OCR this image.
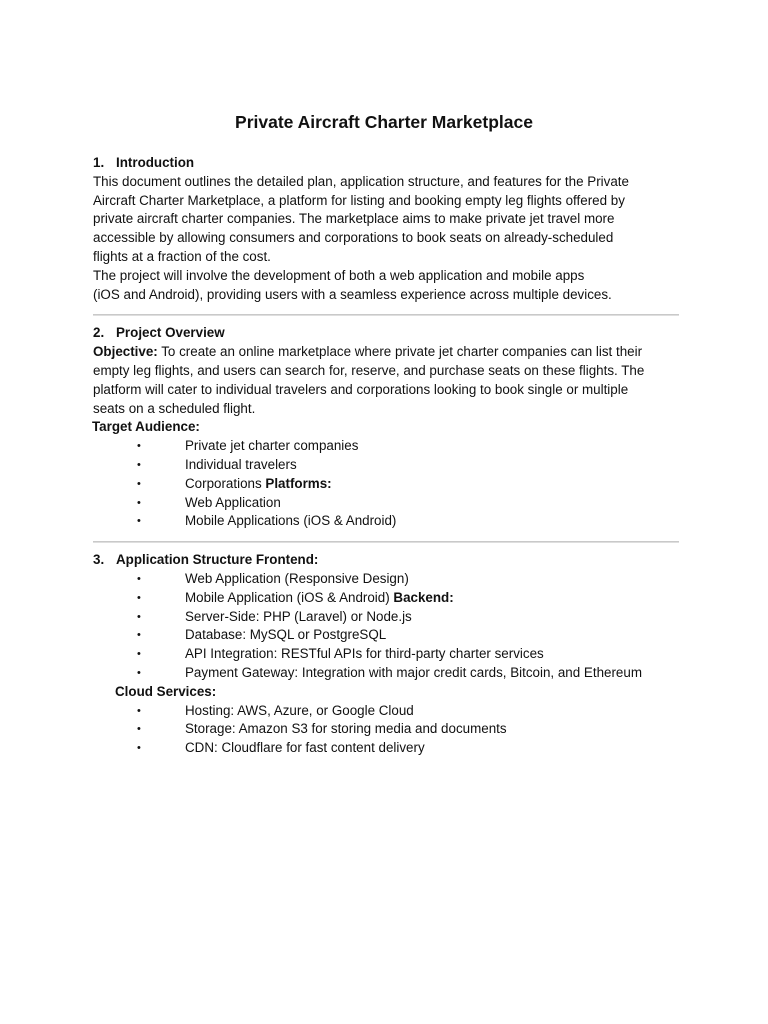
Private Aircraft Charter Marketplace
1. Introduction

This document outlines the detailed plan, application structure, and features for the Private

Aircraft Charter Marketplace, a platform for listing and booking empty leg flights offered by

private aircraft charter companies. The marketplace aims to make private jet travel more

accessible by allowing consumers and corporations to book seats on already-scheduled

flights at a fraction of the cost.

The project will involve the development of both a web application and mobile apps

(iOS and Android), providing users with a seamless experience across multiple devices.

2. Project Overview

Objective: To create an online marketplace where private jet charter companies can list their

empty leg flights, and users can search for, reserve, and purchase seats on these flights. The

platform will cater to individual travelers and corporations looking to book single or multiple

seats on a scheduled flight.

Target Audience:

•	Private jet charter companies
•	Individual travelers
•	Corporations Platforms:
•	Web Application
•	Mobile Applications (iOS & Android)
3. Application Structure Frontend:
•	Web Application (Responsive Design)
•	Mobile Application (iOS & Android) Backend:
•	Server-Side: PHP (Laravel) or Node.js
•	Database: MySQL or PostgreSQL
•	API Integration: RESTful APIs for third-party charter services
•	Payment Gateway: Integration with major credit cards, Bitcoin, and Ethereum

Cloud Services:

•	Hosting: AWS, Azure, or Google Cloud
•	Storage: Amazon S3 for storing media and documents
•	CDN: Cloudflare for fast content delivery
